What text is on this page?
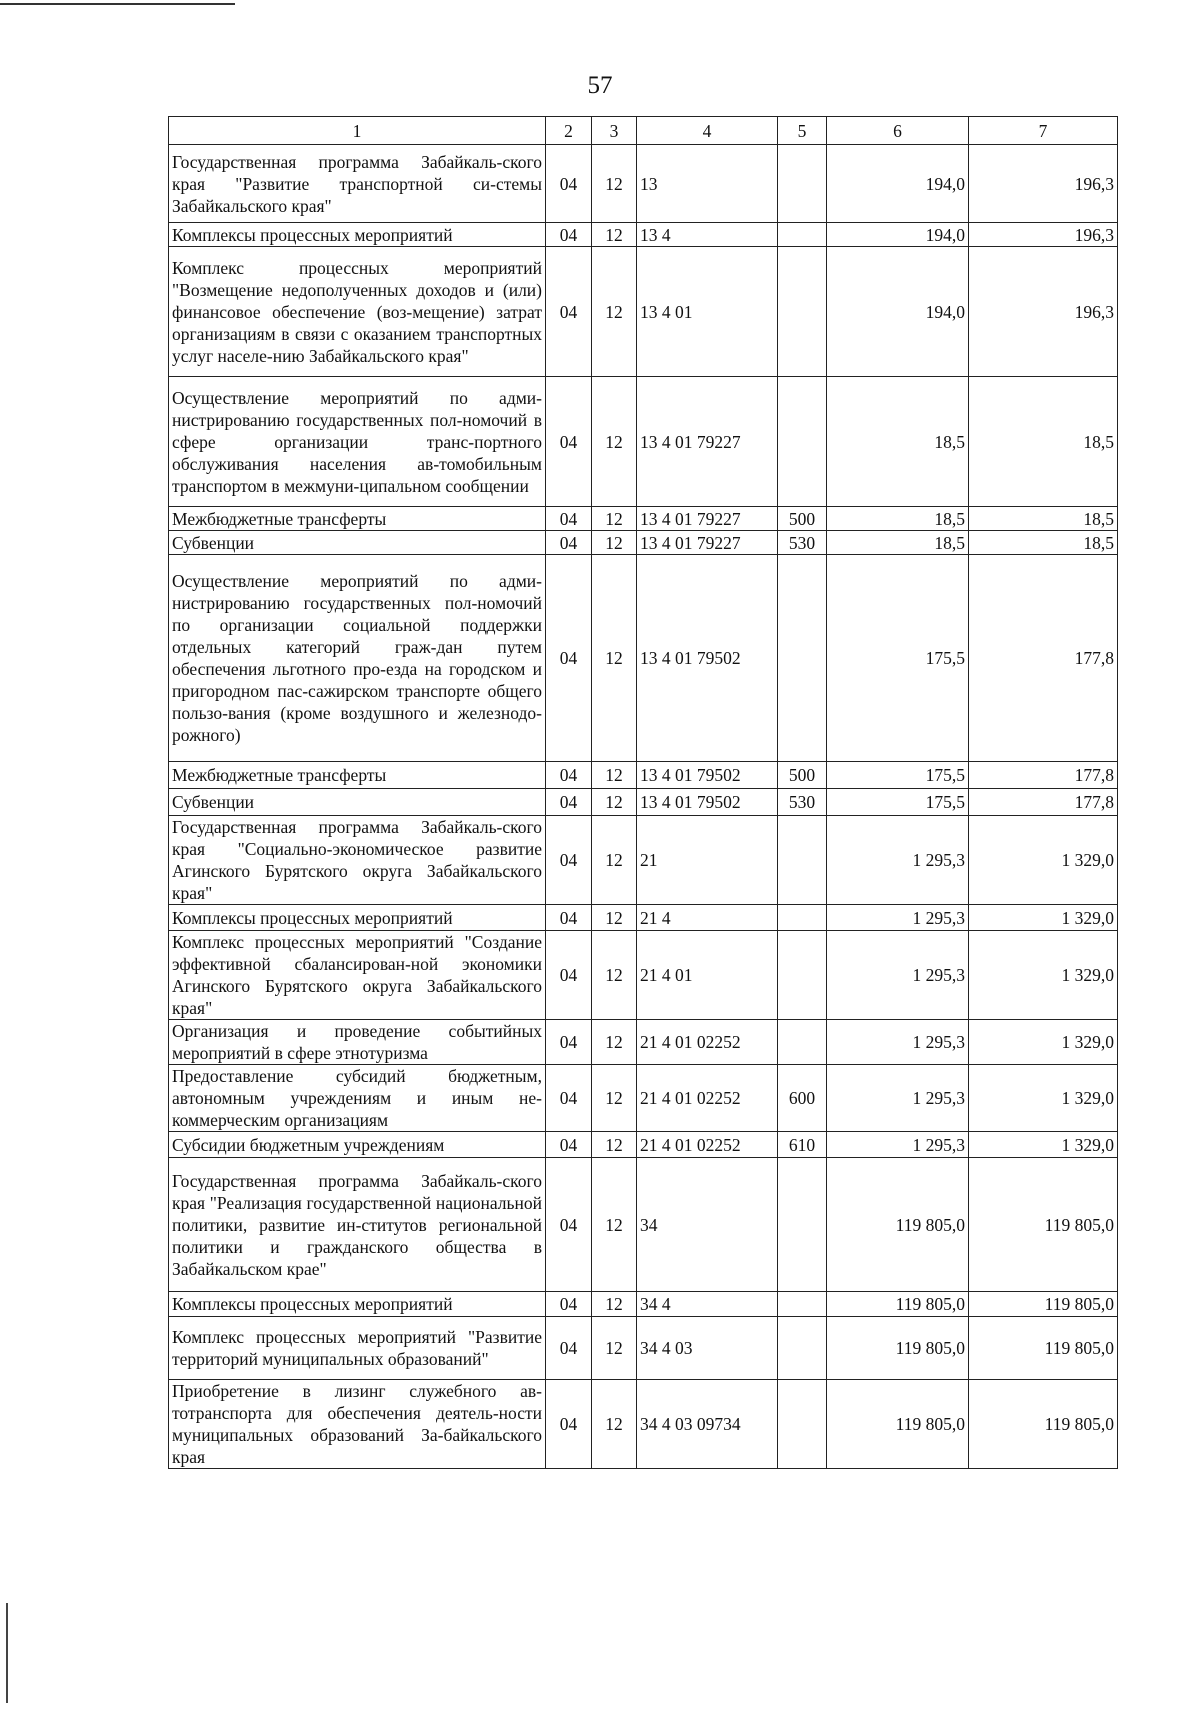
57
1	2	3	4	5	6	7
Государственная программа Забайкаль-ского края "Развитие транспортной си-стемы Забайкальского края"	04	12	13		194,0	196,3
Комплексы процессных мероприятий	04	12	13 4		194,0	196,3
Комплекс процессных мероприятий "Возмещение недополученных доходов и (или) финансовое обеспечение (воз-мещение) затрат организациям в связи с оказанием транспортных услуг населе-нию Забайкальского края"	04	12	13 4 01		194,0	196,3
Осуществление мероприятий по адми-нистрированию государственных пол-номочий в сфере организации транс-портного обслуживания населения ав-томобильным транспортом в межмуни-ципальном сообщении	04	12	13 4 01 79227		18,5	18,5
Межбюджетные трансферты	04	12	13 4 01 79227	500	18,5	18,5
Субвенции	04	12	13 4 01 79227	530	18,5	18,5
Осуществление мероприятий по адми-нистрированию государственных пол-номочий по организации социальной поддержки отдельных категорий граж-дан путем обеспечения льготного про-езда на городском и пригородном пас-сажирском транспорте общего пользо-вания (кроме воздушного и железнодо-рожного)	04	12	13 4 01 79502		175,5	177,8
Межбюджетные трансферты	04	12	13 4 01 79502	500	175,5	177,8
Субвенции	04	12	13 4 01 79502	530	175,5	177,8
Государственная программа Забайкаль-ского края "Социально-экономическое развитие Агинского Бурятского округа Забайкальского края"	04	12	21		1 295,3	1 329,0
Комплексы процессных мероприятий	04	12	21 4		1 295,3	1 329,0
Комплекс процессных мероприятий "Создание эффективной сбалансирован-ной экономики Агинского Бурятского округа Забайкальского края"	04	12	21 4 01		1 295,3	1 329,0
Организация и проведение событийных мероприятий в сфере этнотуризма	04	12	21 4 01 02252		1 295,3	1 329,0
Предоставление субсидий бюджетным, автономным учреждениям и иным не-коммерческим организациям	04	12	21 4 01 02252	600	1 295,3	1 329,0
Субсидии бюджетным учреждениям	04	12	21 4 01 02252	610	1 295,3	1 329,0
Государственная программа Забайкаль-ского края "Реализация государственной национальной политики, развитие ин-ститутов региональной политики и гражданского общества в Забайкальском крае"	04	12	34		119 805,0	119 805,0
Комплексы процессных мероприятий	04	12	34 4		119 805,0	119 805,0
Комплекс процессных мероприятий "Развитие территорий муниципальных образований"	04	12	34 4 03		119 805,0	119 805,0
Приобретение в лизинг служебного ав-тотранспорта для обеспечения деятель-ности муниципальных образований За-байкальского края	04	12	34 4 03 09734		119 805,0	119 805,0
